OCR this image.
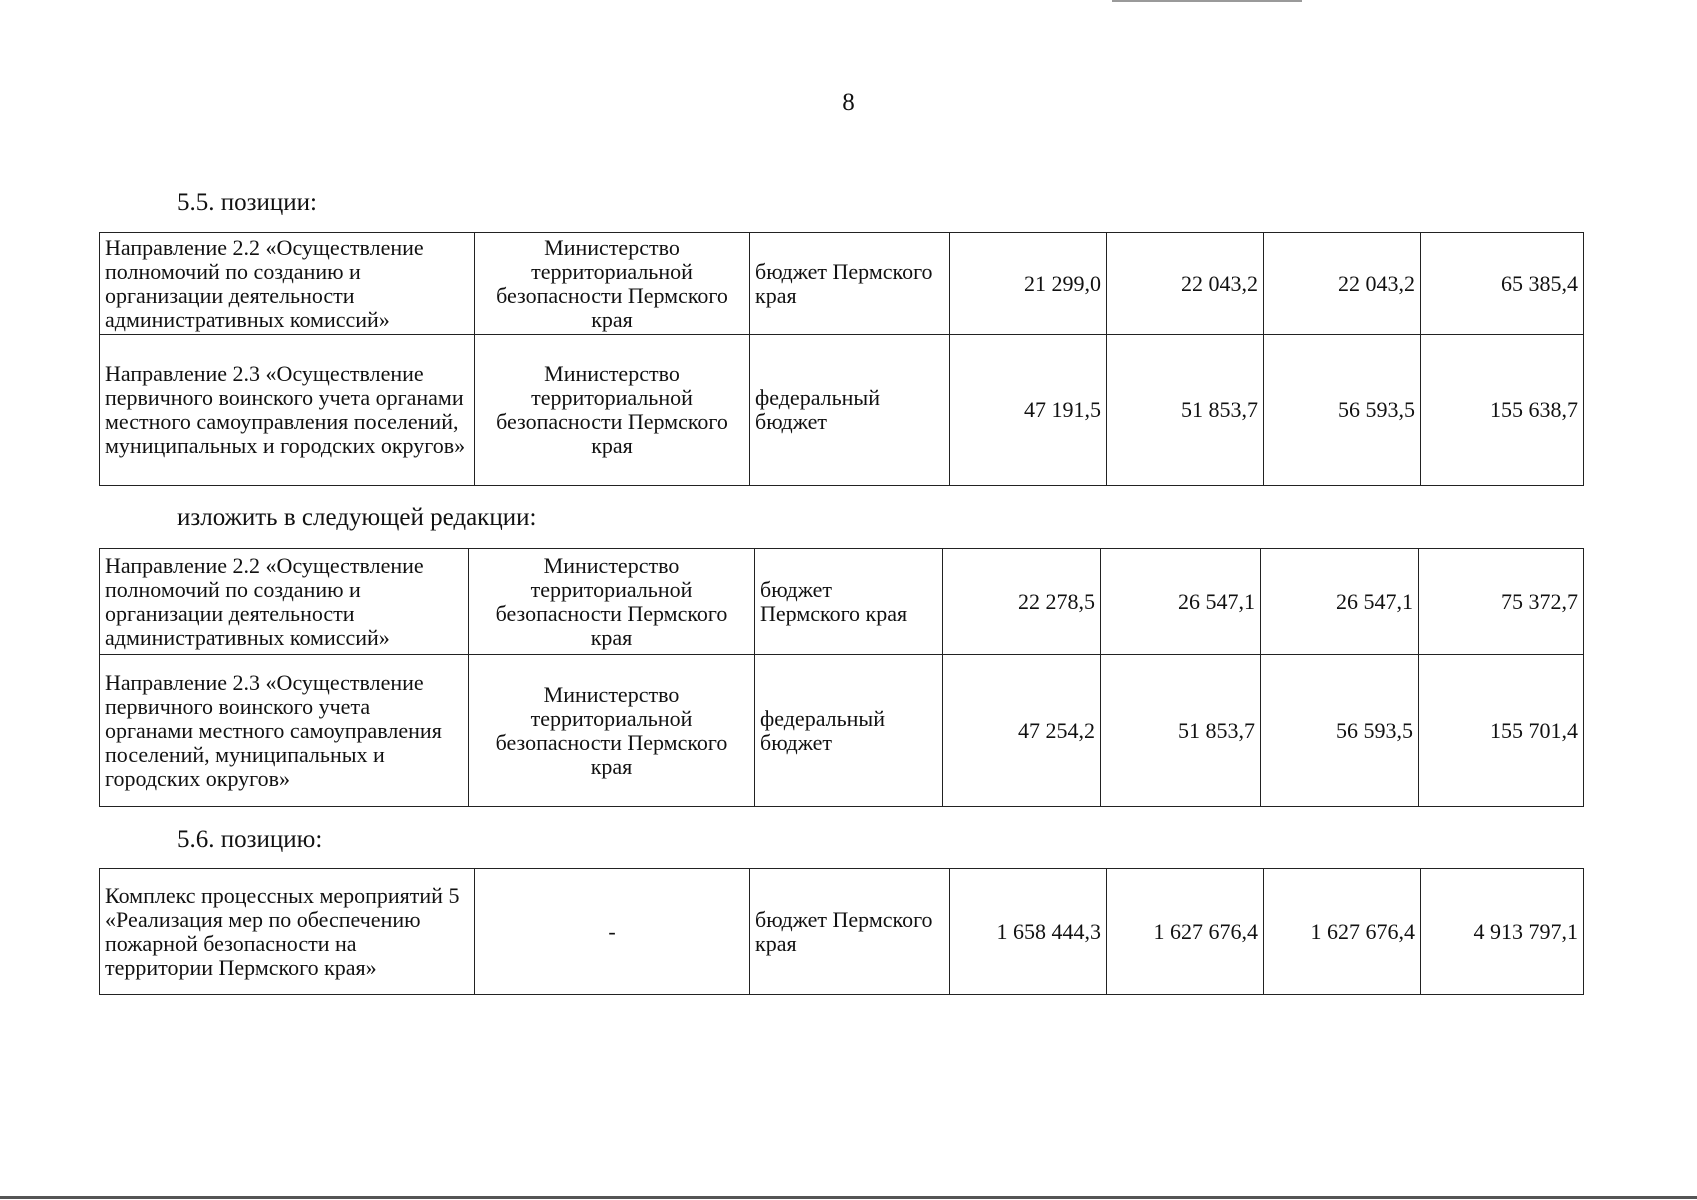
8
5.5. позиции:
Направление 2.2 «Осуществление полномочий по созданию и организации деятельности административных комиссий»	Министерство территориальной безопасности Пермского края	бюджет Пермского края	21 299,0	22 043,2	22 043,2	65 385,4
Направление 2.3 «Осуществление первичного воинского учета органами местного самоуправления поселений, муниципальных и городских округов»	Министерство территориальной безопасности Пермского края	федеральный бюджет	47 191,5	51 853,7	56 593,5	155 638,7
изложить в следующей редакции:
Направление 2.2 «Осуществление полномочий по созданию и организации деятельности административных комиссий»	Министерство территориальной безопасности Пермского края	бюджет Пермского края	22 278,5	26 547,1	26 547,1	75 372,7
Направление 2.3 «Осуществление первичного воинского учета органами местного самоуправления поселений, муниципальных и городских округов»	Министерство территориальной безопасности Пермского края	федеральный бюджет	47 254,2	51 853,7	56 593,5	155 701,4
5.6. позицию:
Комплекс процессных мероприятий 5 «Реализация мер по обеспечению пожарной безопасности на территории Пермского края»	-	бюджет Пермского края	1 658 444,3	1 627 676,4	1 627 676,4	4 913 797,1
